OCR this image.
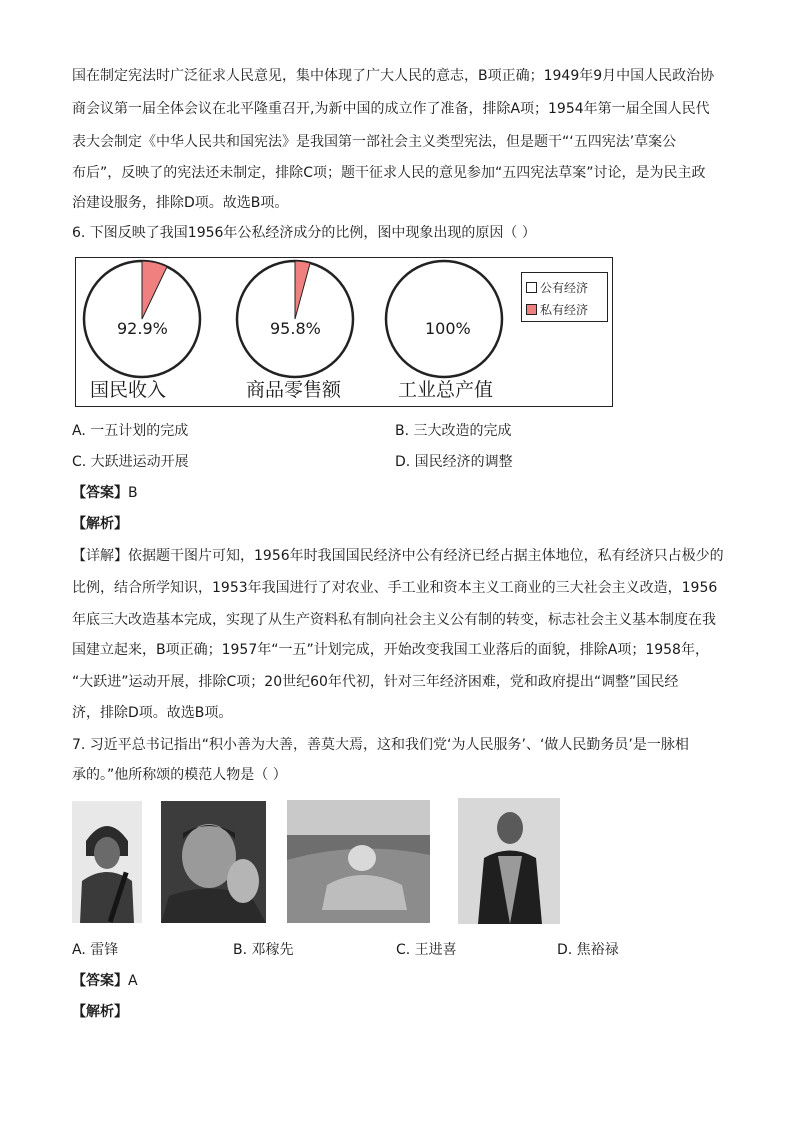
国在制定宪法时广泛征求人民意见，集中体现了广大人民的意志，B项正确；1949年9月中国人民政治协
商会议第一届全体会议在北平隆重召开,为新中国的成立作了准备，排除A项；1954年第一届全国人民代
表大会制定《中华人民共和国宪法》是我国第一部社会主义类型宪法，但是题干“‘五四宪法’草案公
布后”，反映了的宪法还未制定，排除C项；题干征求人民的意见参加“五四宪法草案”讨论，是为民主政
治建设服务，排除D项。故选B项。
6. 下图反映了我国1956年公私经济成分的比例，图中现象出现的原因（ ）
公有经济
私有经济
92.9%	95.8%	100%
国民收入	商品零售额	工业总产值
A. 一五计划的完成	B. 三大改造的完成
C. 大跃进运动开展	D. 国民经济的调整
【答案】B
【解析】
【详解】依据题干图片可知，1956年时我国国民经济中公有经济已经占据主体地位，私有经济只占极少的
比例，结合所学知识，1953年我国进行了对农业、手工业和资本主义工商业的三大社会主义改造，1956
年底三大改造基本完成，实现了从生产资料私有制向社会主义公有制的转变，标志社会主义基本制度在我
国建立起来，B项正确；1957年“一五”计划完成，开始改变我国工业落后的面貌，排除A项；1958年，
“大跃进”运动开展，排除C项；20世纪60年代初，针对三年经济困难，党和政府提出“调整”国民经
济，排除D项。故选B项。
7. 习近平总书记指出“积小善为大善，善莫大焉，这和我们党‘为人民服务’、‘做人民勤务员’是一脉相
承的。”他所称颂的模范人物是（ ）
A. 雷锋	B. 邓稼先	C. 王进喜	D. 焦裕禄
【答案】A
【解析】
